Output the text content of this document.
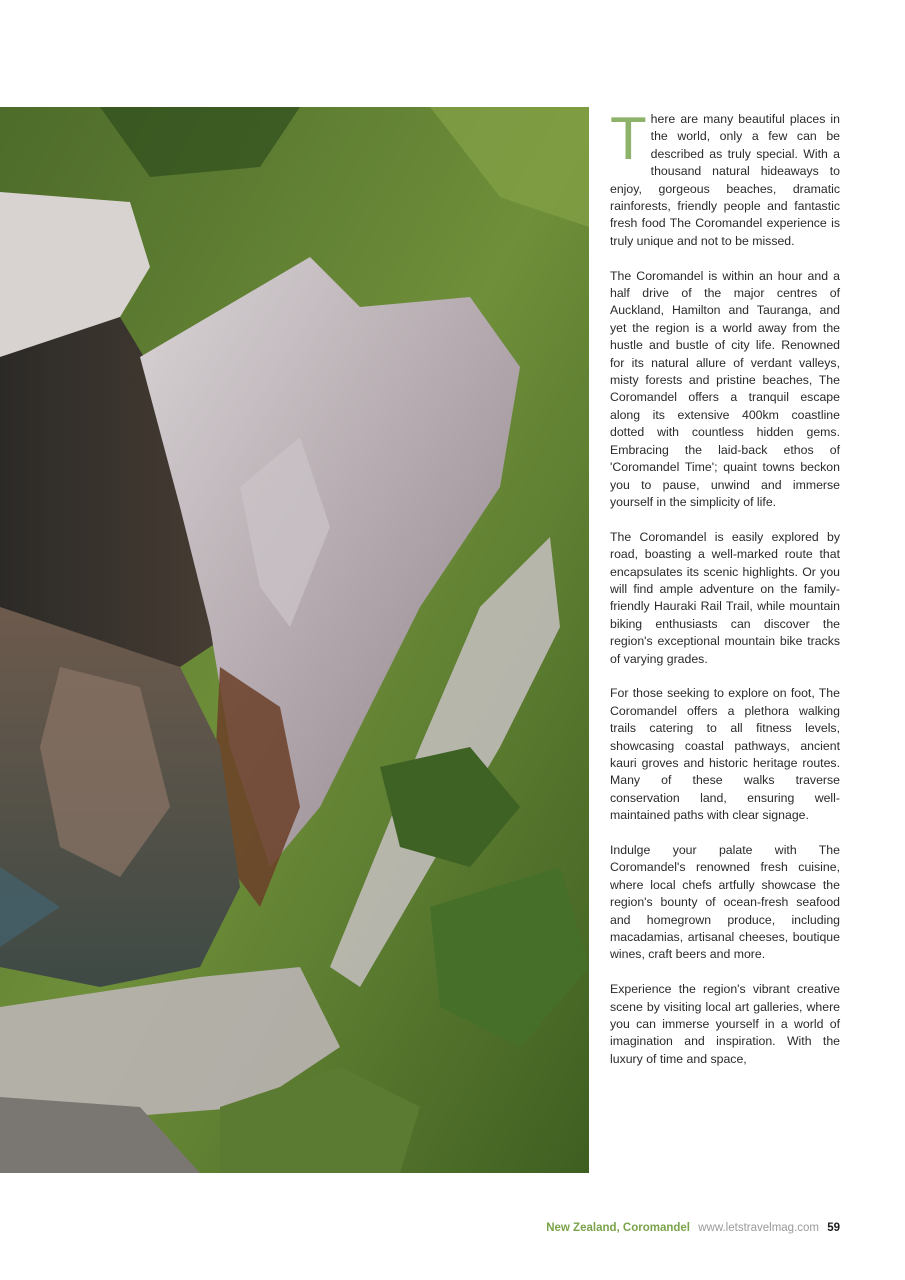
There are many beautiful places in the world, only a few can be described as truly special. With a thousand natural hideaways to enjoy, gorgeous beaches, dramatic rainforests, friendly people and fantastic fresh food The Coromandel experience is truly unique and not to be missed.

The Coromandel is within an hour and a half drive of the major centres of Auckland, Hamilton and Tauranga, and yet the region is a world away from the hustle and bustle of city life. Renowned for its natural allure of verdant valleys, misty forests and pristine beaches, The Coromandel offers a tranquil escape along its extensive 400km coastline dotted with countless hidden gems. Embracing the laid-back ethos of 'Coromandel Time'; quaint towns beckon you to pause, unwind and immerse yourself in the simplicity of life.

The Coromandel is easily explored by road, boasting a well-marked route that encapsulates its scenic highlights. Or you will find ample adventure on the family-friendly Hauraki Rail Trail, while mountain biking enthusiasts can discover the region's exceptional mountain bike tracks of varying grades.

For those seeking to explore on foot, The Coromandel offers a plethora walking trails catering to all fitness levels, showcasing coastal pathways, ancient kauri groves and historic heritage routes. Many of these walks traverse conservation land, ensuring well-maintained paths with clear signage.

Indulge your palate with The Coromandel's renowned fresh cuisine, where local chefs artfully showcase the region's bounty of ocean-fresh seafood and homegrown produce, including macadamias, artisanal cheeses, boutique wines, craft beers and more.

Experience the region's vibrant creative scene by visiting local art galleries, where you can immerse yourself in a world of imagination and inspiration. With the luxury of time and space,

New Zealand, Coromandel www.letstravelmag.com 59
